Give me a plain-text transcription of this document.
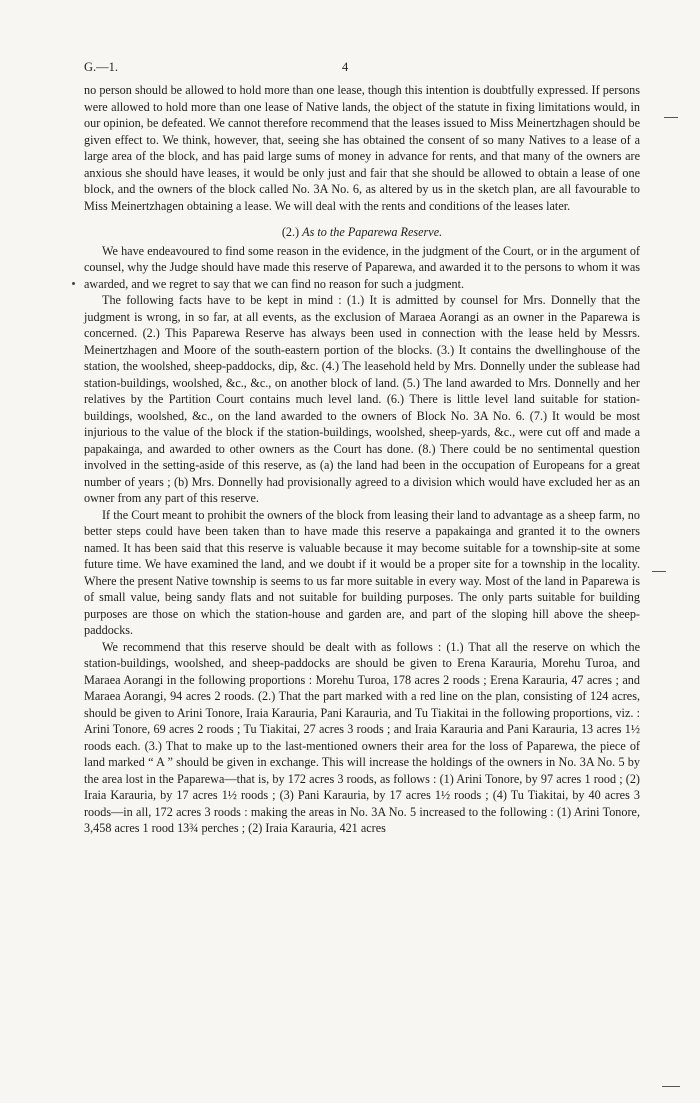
G.—1.	4

no person should be allowed to hold more than one lease, though this intention is doubtfully expressed. If persons were allowed to hold more than one lease of Native lands, the object of the statute in fixing limitations would, in our opinion, be defeated. We cannot therefore recommend that the leases issued to Miss Meinertzhagen should be given effect to. We think, however, that, seeing she has obtained the consent of so many Natives to a lease of a large area of the block, and has paid large sums of money in advance for rents, and that many of the owners are anxious she should have leases, it would be only just and fair that she should be allowed to obtain a lease of one block, and the owners of the block called No. 3A No. 6, as altered by us in the sketch plan, are all favourable to Miss Meinertzhagen obtaining a lease. We will deal with the rents and conditions of the leases later.

(2.) As to the Paparewa Reserve.

We have endeavoured to find some reason in the evidence, in the judgment of the Court, or in the argument of counsel, why the Judge should have made this reserve of Paparewa, and awarded it to the persons to whom it was awarded, and we regret to say that we can find no reason for such a judgment.

The following facts have to be kept in mind : (1.) It is admitted by counsel for Mrs. Donnelly that the judgment is wrong, in so far, at all events, as the exclusion of Maraea Aorangi as an owner in the Paparewa is concerned. (2.) This Paparewa Reserve has always been used in connection with the lease held by Messrs. Meinertzhagen and Moore of the south-eastern portion of the blocks. (3.) It contains the dwellinghouse of the station, the woolshed, sheep-paddocks, dip, &c. (4.) The leasehold held by Mrs. Donnelly under the sublease had station-buildings, woolshed, &c., &c., on another block of land. (5.) The land awarded to Mrs. Donnelly and her relatives by the Partition Court contains much level land. (6.) There is little level land suitable for station-buildings, woolshed, &c., on the land awarded to the owners of Block No. 3A No. 6. (7.) It would be most injurious to the value of the block if the station-buildings, woolshed, sheep-yards, &c., were cut off and made a papakainga, and awarded to other owners as the Court has done. (8.) There could be no sentimental question involved in the setting-aside of this reserve, as (a) the land had been in the occupation of Europeans for a great number of years ; (b) Mrs. Donnelly had provisionally agreed to a division which would have excluded her as an owner from any part of this reserve.

If the Court meant to prohibit the owners of the block from leasing their land to advantage as a sheep farm, no better steps could have been taken than to have made this reserve a papakainga and granted it to the owners named. It has been said that this reserve is valuable because it may become suitable for a township-site at some future time. We have examined the land, and we doubt if it would be a proper site for a township in the locality. Where the present Native township is seems to us far more suitable in every way. Most of the land in Paparewa is of small value, being sandy flats and not suitable for building purposes. The only parts suitable for building purposes are those on which the station-house and garden are, and part of the sloping hill above the sheep-paddocks.

We recommend that this reserve should be dealt with as follows : (1.) That all the reserve on which the station-buildings, woolshed, and sheep-paddocks are should be given to Erena Karauria, Morehu Turoa, and Maraea Aorangi in the following proportions : Morehu Turoa, 178 acres 2 roods ; Erena Karauria, 47 acres ; and Maraea Aorangi, 94 acres 2 roods. (2.) That the part marked with a red line on the plan, consisting of 124 acres, should be given to Arini Tonore, Iraia Karauria, Pani Karauria, and Tu Tiakitai in the following proportions, viz. : Arini Tonore, 69 acres 2 roods ; Tu Tiakitai, 27 acres 3 roods ; and Iraia Karauria and Pani Karauria, 13 acres 1½ roods each. (3.) That to make up to the last-mentioned owners their area for the loss of Paparewa, the piece of land marked “ A ” should be given in exchange. This will increase the holdings of the owners in No. 3A No. 5 by the area lost in the Paparewa—that is, by 172 acres 3 roods, as follows : (1) Arini Tonore, by 97 acres 1 rood ; (2) Iraia Karauria, by 17 acres 1½ roods ; (3) Pani Karauria, by 17 acres 1½ roods ; (4) Tu Tiakitai, by 40 acres 3 roods—in all, 172 acres 3 roods : making the areas in No. 3A No. 5 increased to the following : (1) Arini Tonore, 3,458 acres 1 rood 13¾ perches ; (2) Iraia Karauria, 421 acres
